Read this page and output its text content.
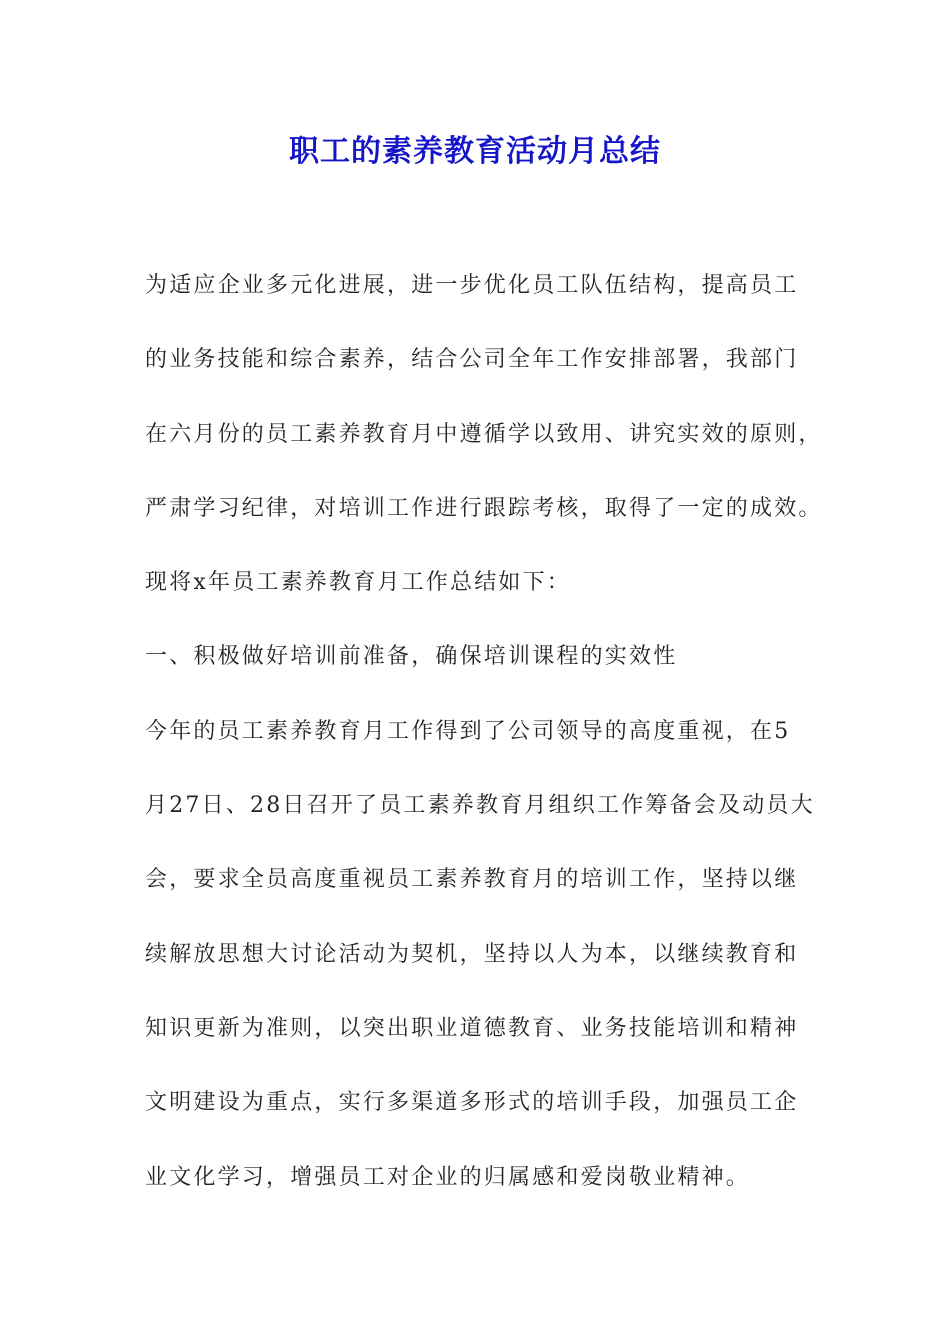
职工的素养教育活动月总结
为适应企业多元化进展，进一步优化员工队伍结构，提高员工
的业务技能和综合素养，结合公司全年工作安排部署，我部门
在六月份的员工素养教育月中遵循学以致用、讲究实效的原则，
严肃学习纪律，对培训工作进行跟踪考核，取得了一定的成效。
现将x年员工素养教育月工作总结如下：
一、积极做好培训前准备，确保培训课程的实效性
今年的员工素养教育月工作得到了公司领导的高度重视，在5
月27日、28日召开了员工素养教育月组织工作筹备会及动员大
会，要求全员高度重视员工素养教育月的培训工作，坚持以继
续解放思想大讨论活动为契机，坚持以人为本，以继续教育和
知识更新为准则，以突出职业道德教育、业务技能培训和精神
文明建设为重点，实行多渠道多形式的培训手段，加强员工企
业文化学习，增强员工对企业的归属感和爱岗敬业精神。
